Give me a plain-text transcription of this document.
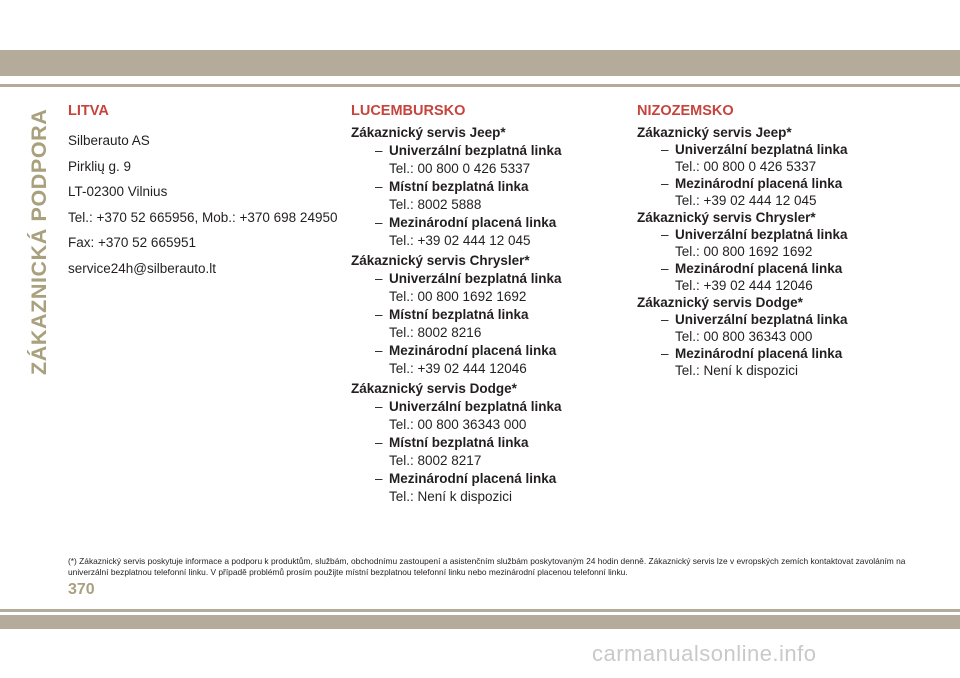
ZÁKAZNICKÁ PODPORA LITVA
Silberauto AS
Pirklių g. 9
LT-02300 Vilnius
Tel.: +370 52 665956, Mob.: +370 698 24950
Fax: +370 52 665951
service24h@silberauto.lt
LUCEMBURSKO
Zákaznický servis Jeep*
– Univerzální bezplatná linka
Tel.: 00 800 0 426 5337
– Místní bezplatná linka
Tel.: 8002 5888
– Mezinárodní placená linka
Tel.: +39 02 444 12 045
Zákaznický servis Chrysler*
– Univerzální bezplatná linka
Tel.: 00 800 1692 1692
– Místní bezplatná linka
Tel.: 8002 8216
– Mezinárodní placená linka
Tel.: +39 02 444 12046
Zákaznický servis Dodge*
– Univerzální bezplatná linka
Tel.: 00 800 36343 000
– Místní bezplatná linka
Tel.: 8002 8217
– Mezinárodní placená linka
Tel.: Není k dispozici
NIZOZEMSKO
Zákaznický servis Jeep*
– Univerzální bezplatná linka
Tel.: 00 800 0 426 5337
– Mezinárodní placená linka
Tel.: +39 02 444 12 045
Zákaznický servis Chrysler*
– Univerzální bezplatná linka
Tel.: 00 800 1692 1692
– Mezinárodní placená linka
Tel.: +39 02 444 12046
Zákaznický servis Dodge*
– Univerzální bezplatná linka
Tel.: 00 800 36343 000
– Mezinárodní placená linka
Tel.: Není k dispozici
(*) Zákaznický servis poskytuje informace a podporu k produktům, službám, obchodnímu zastoupení a asistenčním službám poskytovaným 24 hodin denně. Zákaznický servis lze v evropských zemích kontaktovat zavoláním na univerzální bezplatnou telefonní linku. V případě problémů prosím použijte místní bezplatnou telefonní linku nebo mezinárodní placenou telefonní linku.
370
carmanualsonline.info
